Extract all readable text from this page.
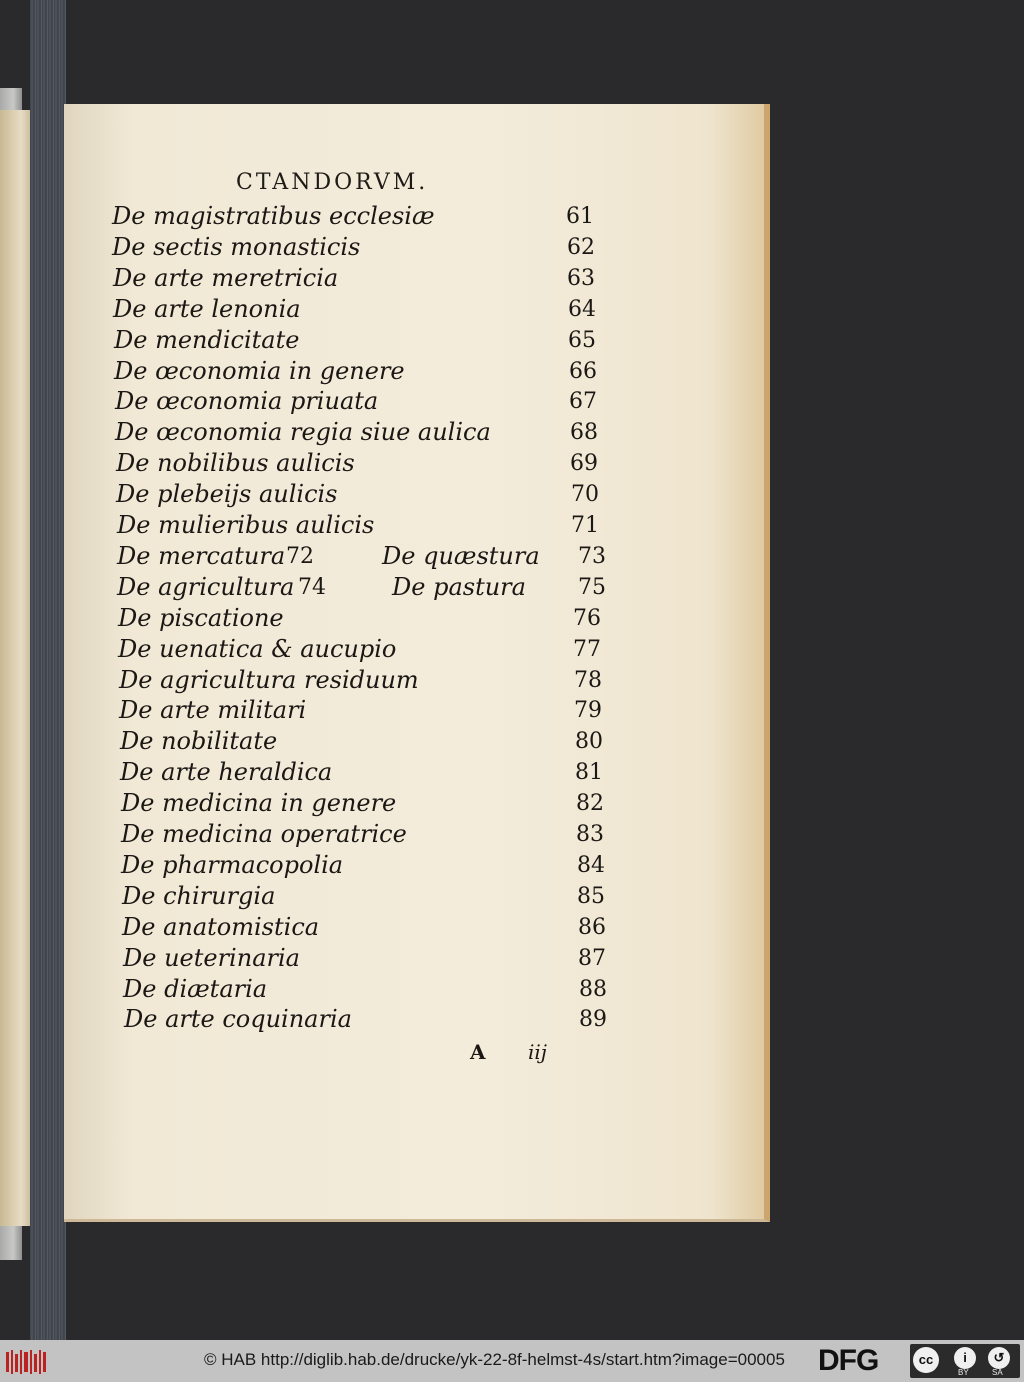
CTANDORVM.
De magistratibus ecclesiæ	61
De sectis monasticis	62
De arte meretricia	63
De arte lenonia	64
De mendicitate	65
De œconomia in genere	66
De œconomia priuata	67
De œconomia regia siue aulica	68
De nobilibus aulicis	69
De plebeijs aulicis	70
De mulieribus aulicis	71
De mercatura 72	De quæstura 73
De agricultura 74	De pastura 75
De piscatione	76
De uenatica & aucupio	77
De agricultura residuum	78
De arte militari	79
De nobilitate	80
De arte heraldica	81
De medicina in genere	82
De medicina operatrice	83
De pharmacopolia	84
De chirurgia	85
De anatomistica	86
De ueterinaria	87
De diætaria	88
De arte coquinaria	89
A iij
© HAB http://diglib.hab.de/drucke/yk-22-8f-helmst-4s/start.htm?image=00005 DFG	cc	i	↺
BY	SA
